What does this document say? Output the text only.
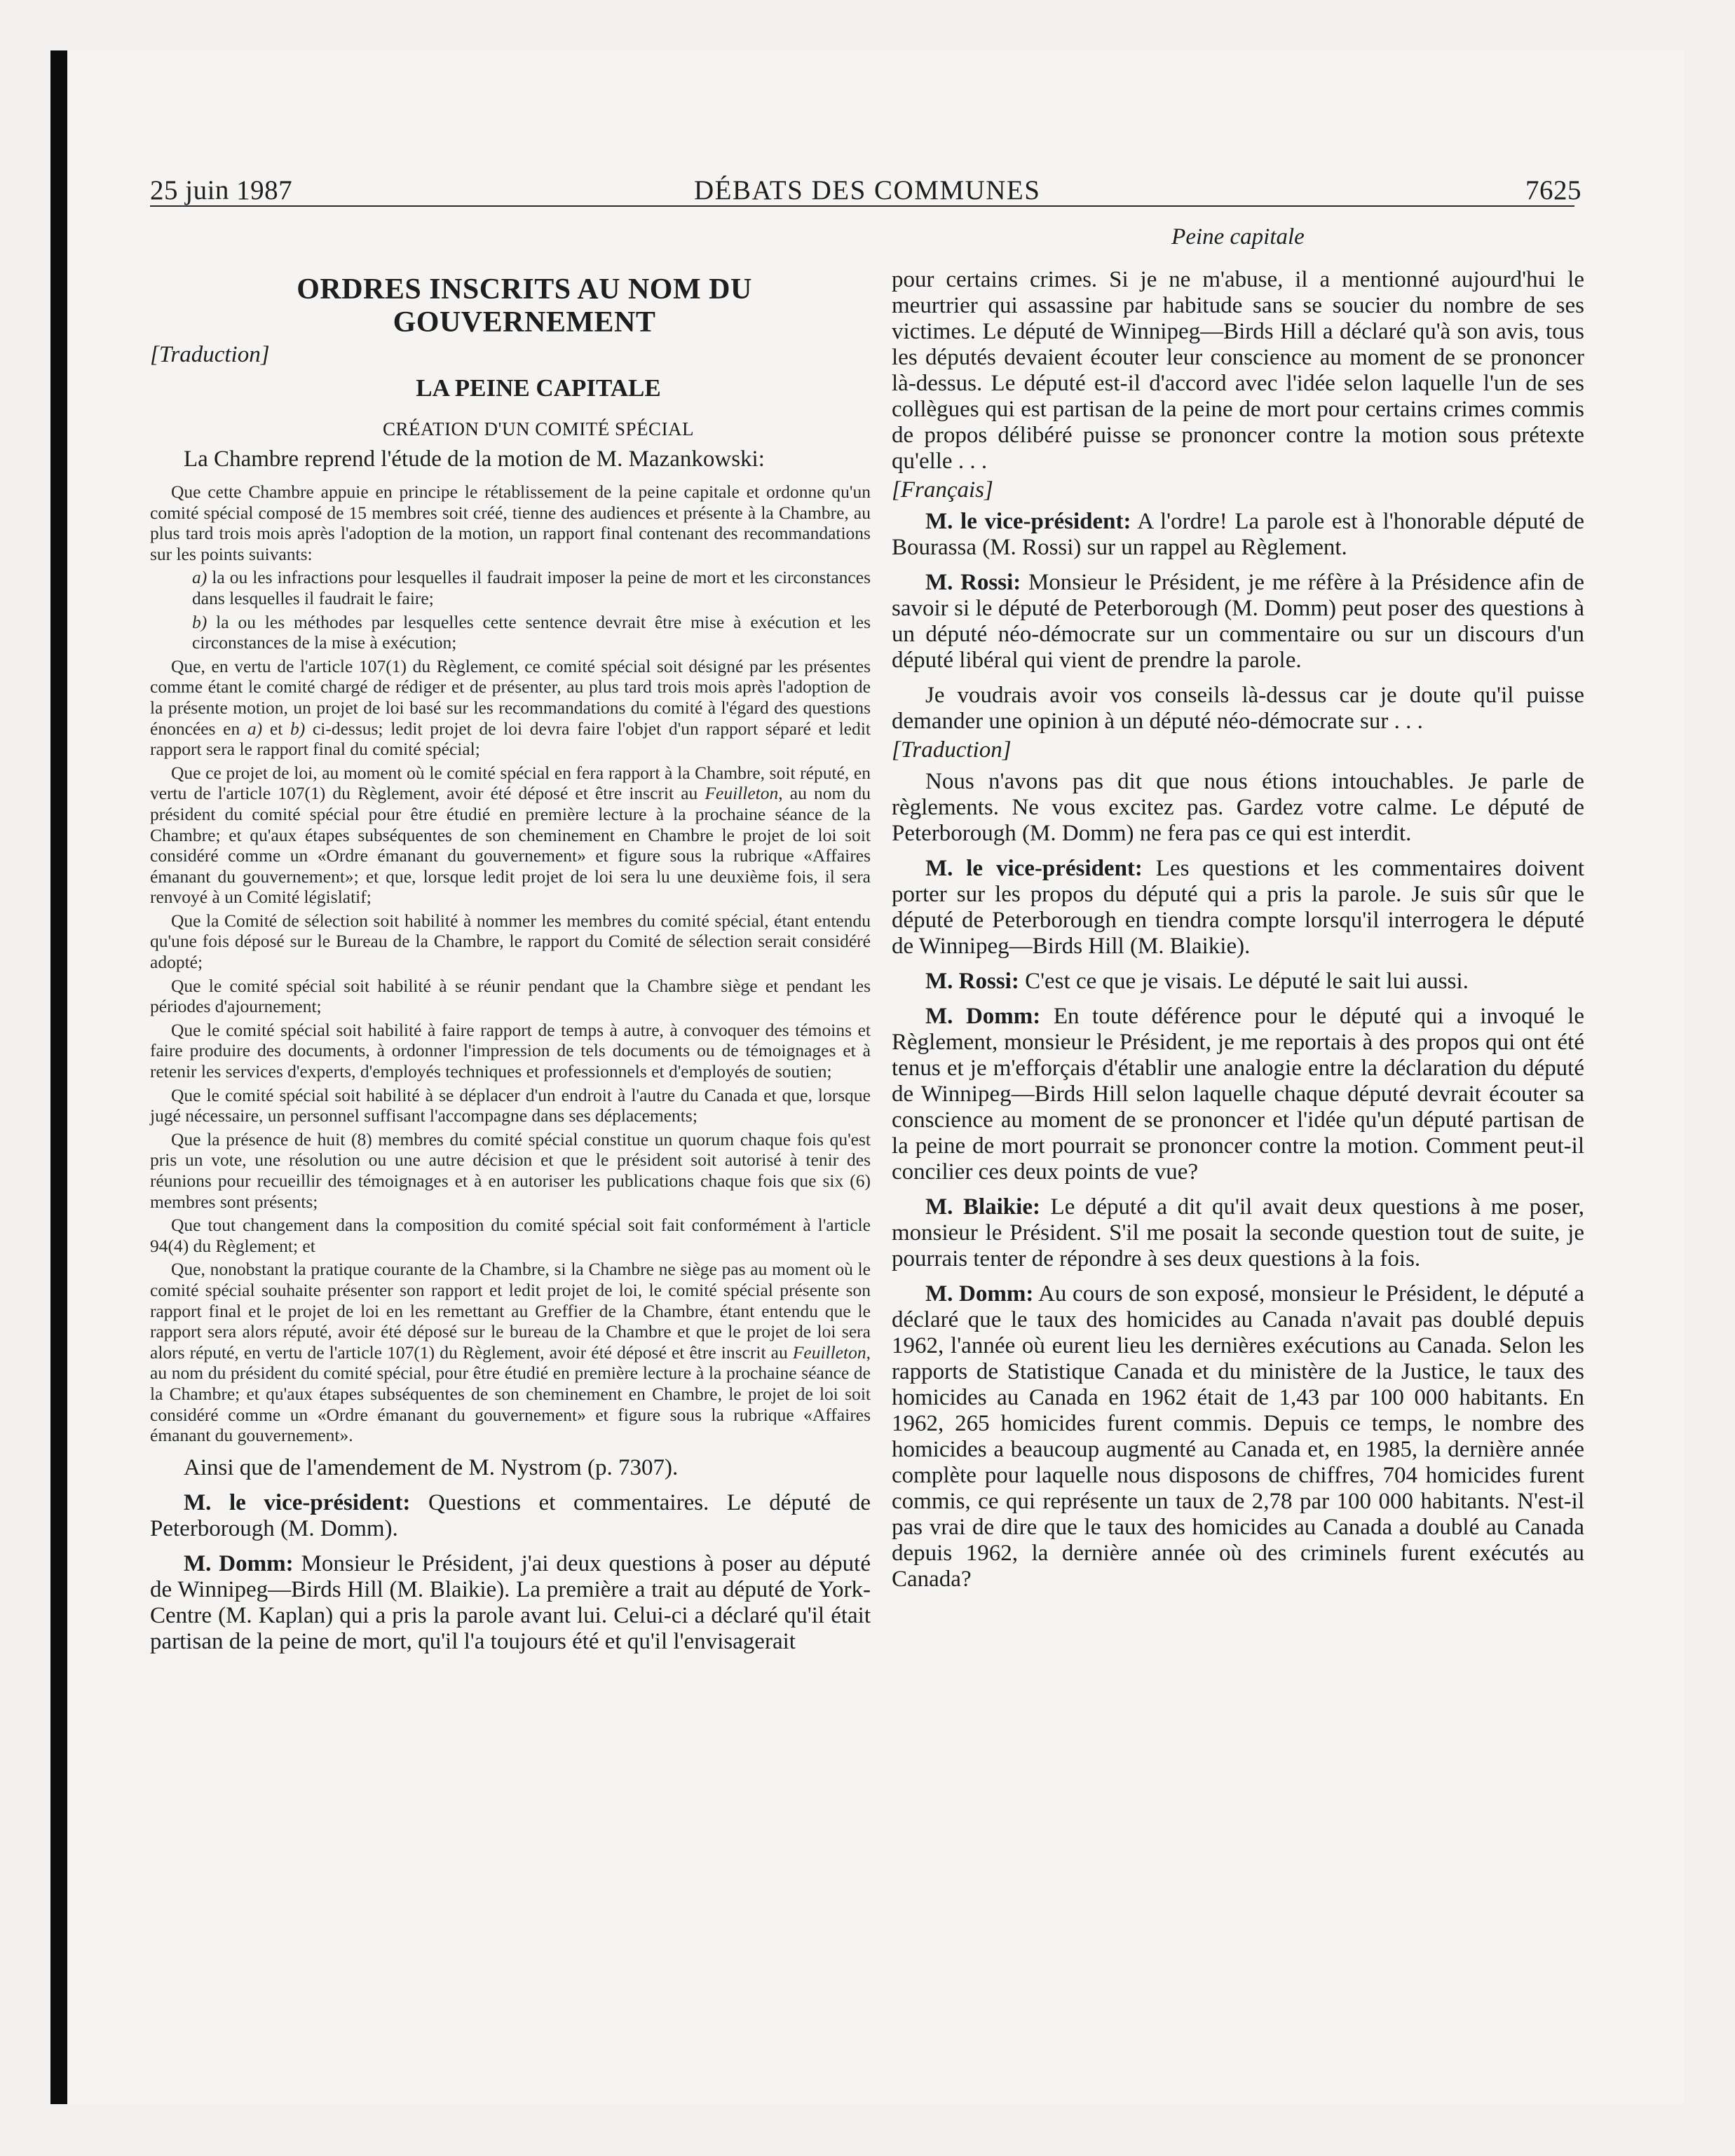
25 juin 1987	DÉBATS DES COMMUNES	7625
ORDRES INSCRITS AU NOM DU GOUVERNEMENT
[Traduction]
LA PEINE CAPITALE
CRÉATION D'UN COMITÉ SPÉCIAL

La Chambre reprend l'étude de la motion de M. Mazankowski:

Que cette Chambre appuie en principe le rétablissement de la peine capitale et ordonne qu'un comité spécial composé de 15 membres soit créé, tienne des audiences et présente à la Chambre, au plus tard trois mois après l'adoption de la motion, un rapport final contenant des recommandations sur les points suivants:

a) la ou les infractions pour lesquelles il faudrait imposer la peine de mort et les circonstances dans lesquelles il faudrait le faire;

b) la ou les méthodes par lesquelles cette sentence devrait être mise à exécution et les circonstances de la mise à exécution;

Que, en vertu de l'article 107(1) du Règlement, ce comité spécial soit désigné par les présentes comme étant le comité chargé de rédiger et de présenter, au plus tard trois mois après l'adoption de la présente motion, un projet de loi basé sur les recommandations du comité à l'égard des questions énoncées en a) et b) ci-dessus; ledit projet de loi devra faire l'objet d'un rapport séparé et ledit rapport sera le rapport final du comité spécial;

Que ce projet de loi, au moment où le comité spécial en fera rapport à la Chambre, soit réputé, en vertu de l'article 107(1) du Règlement, avoir été déposé et être inscrit au Feuilleton, au nom du président du comité spécial pour être étudié en première lecture à la prochaine séance de la Chambre; et qu'aux étapes subséquentes de son cheminement en Chambre le projet de loi soit considéré comme un «Ordre émanant du gouvernement» et figure sous la rubrique «Affaires émanant du gouvernement»; et que, lorsque ledit projet de loi sera lu une deuxième fois, il sera renvoyé à un Comité législatif;

Que la Comité de sélection soit habilité à nommer les membres du comité spécial, étant entendu qu'une fois déposé sur le Bureau de la Chambre, le rapport du Comité de sélection serait considéré adopté;

Que le comité spécial soit habilité à se réunir pendant que la Chambre siège et pendant les périodes d'ajournement;

Que le comité spécial soit habilité à faire rapport de temps à autre, à convoquer des témoins et faire produire des documents, à ordonner l'impression de tels documents ou de témoignages et à retenir les services d'experts, d'employés techniques et professionnels et d'employés de soutien;

Que le comité spécial soit habilité à se déplacer d'un endroit à l'autre du Canada et que, lorsque jugé nécessaire, un personnel suffisant l'accompagne dans ses déplacements;

Que la présence de huit (8) membres du comité spécial constitue un quorum chaque fois qu'est pris un vote, une résolution ou une autre décision et que le président soit autorisé à tenir des réunions pour recueillir des témoignages et à en autoriser les publications chaque fois que six (6) membres sont présents;

Que tout changement dans la composition du comité spécial soit fait conformément à l'article 94(4) du Règlement; et

Que, nonobstant la pratique courante de la Chambre, si la Chambre ne siège pas au moment où le comité spécial souhaite présenter son rapport et ledit projet de loi, le comité spécial présente son rapport final et le projet de loi en les remettant au Greffier de la Chambre, étant entendu que le rapport sera alors réputé, avoir été déposé sur le bureau de la Chambre et que le projet de loi sera alors réputé, en vertu de l'article 107(1) du Règlement, avoir été déposé et être inscrit au Feuilleton, au nom du président du comité spécial, pour être étudié en première lecture à la prochaine séance de la Chambre; et qu'aux étapes subséquentes de son cheminement en Chambre, le projet de loi soit considéré comme un «Ordre émanant du gouvernement» et figure sous la rubrique «Affaires émanant du gouvernement».

Ainsi que de l'amendement de M. Nystrom (p. 7307).

M. le vice-président: Questions et commentaires. Le député de Peterborough (M. Domm).

M. Domm: Monsieur le Président, j'ai deux questions à poser au député de Winnipeg—Birds Hill (M. Blaikie). La première a trait au député de York-Centre (M. Kaplan) qui a pris la parole avant lui. Celui-ci a déclaré qu'il était partisan de la peine de mort, qu'il l'a toujours été et qu'il l'envisagerait

Peine capitale

pour certains crimes. Si je ne m'abuse, il a mentionné aujourd'hui le meurtrier qui assassine par habitude sans se soucier du nombre de ses victimes. Le député de Winnipeg—Birds Hill a déclaré qu'à son avis, tous les députés devaient écouter leur conscience au moment de se prononcer là-dessus. Le député est-il d'accord avec l'idée selon laquelle l'un de ses collègues qui est partisan de la peine de mort pour certains crimes commis de propos délibéré puisse se prononcer contre la motion sous prétexte qu'elle . . .

[Français]

M. le vice-président: A l'ordre! La parole est à l'honorable député de Bourassa (M. Rossi) sur un rappel au Règlement.

M. Rossi: Monsieur le Président, je me réfère à la Présidence afin de savoir si le député de Peterborough (M. Domm) peut poser des questions à un député néo-démocrate sur un commentaire ou sur un discours d'un député libéral qui vient de prendre la parole.

Je voudrais avoir vos conseils là-dessus car je doute qu'il puisse demander une opinion à un député néo-démocrate sur . . .

[Traduction]

Nous n'avons pas dit que nous étions intouchables. Je parle de règlements. Ne vous excitez pas. Gardez votre calme. Le député de Peterborough (M. Domm) ne fera pas ce qui est interdit.

M. le vice-président: Les questions et les commentaires doivent porter sur les propos du député qui a pris la parole. Je suis sûr que le député de Peterborough en tiendra compte lorsqu'il interrogera le député de Winnipeg—Birds Hill (M. Blaikie).

M. Rossi: C'est ce que je visais. Le député le sait lui aussi.

M. Domm: En toute déférence pour le député qui a invoqué le Règlement, monsieur le Président, je me reportais à des propos qui ont été tenus et je m'efforçais d'établir une analogie entre la déclaration du député de Winnipeg—Birds Hill selon laquelle chaque député devrait écouter sa conscience au moment de se prononcer et l'idée qu'un député partisan de la peine de mort pourrait se prononcer contre la motion. Comment peut-il concilier ces deux points de vue?

M. Blaikie: Le député a dit qu'il avait deux questions à me poser, monsieur le Président. S'il me posait la seconde question tout de suite, je pourrais tenter de répondre à ses deux questions à la fois.

M. Domm: Au cours de son exposé, monsieur le Président, le député a déclaré que le taux des homicides au Canada n'avait pas doublé depuis 1962, l'année où eurent lieu les dernières exécutions au Canada. Selon les rapports de Statistique Canada et du ministère de la Justice, le taux des homicides au Canada en 1962 était de 1,43 par 100 000 habitants. En 1962, 265 homicides furent commis. Depuis ce temps, le nombre des homicides a beaucoup augmenté au Canada et, en 1985, la dernière année complète pour laquelle nous disposons de chiffres, 704 homicides furent commis, ce qui représente un taux de 2,78 par 100 000 habitants. N'est-il pas vrai de dire que le taux des homicides au Canada a doublé au Canada depuis 1962, la dernière année où des criminels furent exécutés au Canada?
